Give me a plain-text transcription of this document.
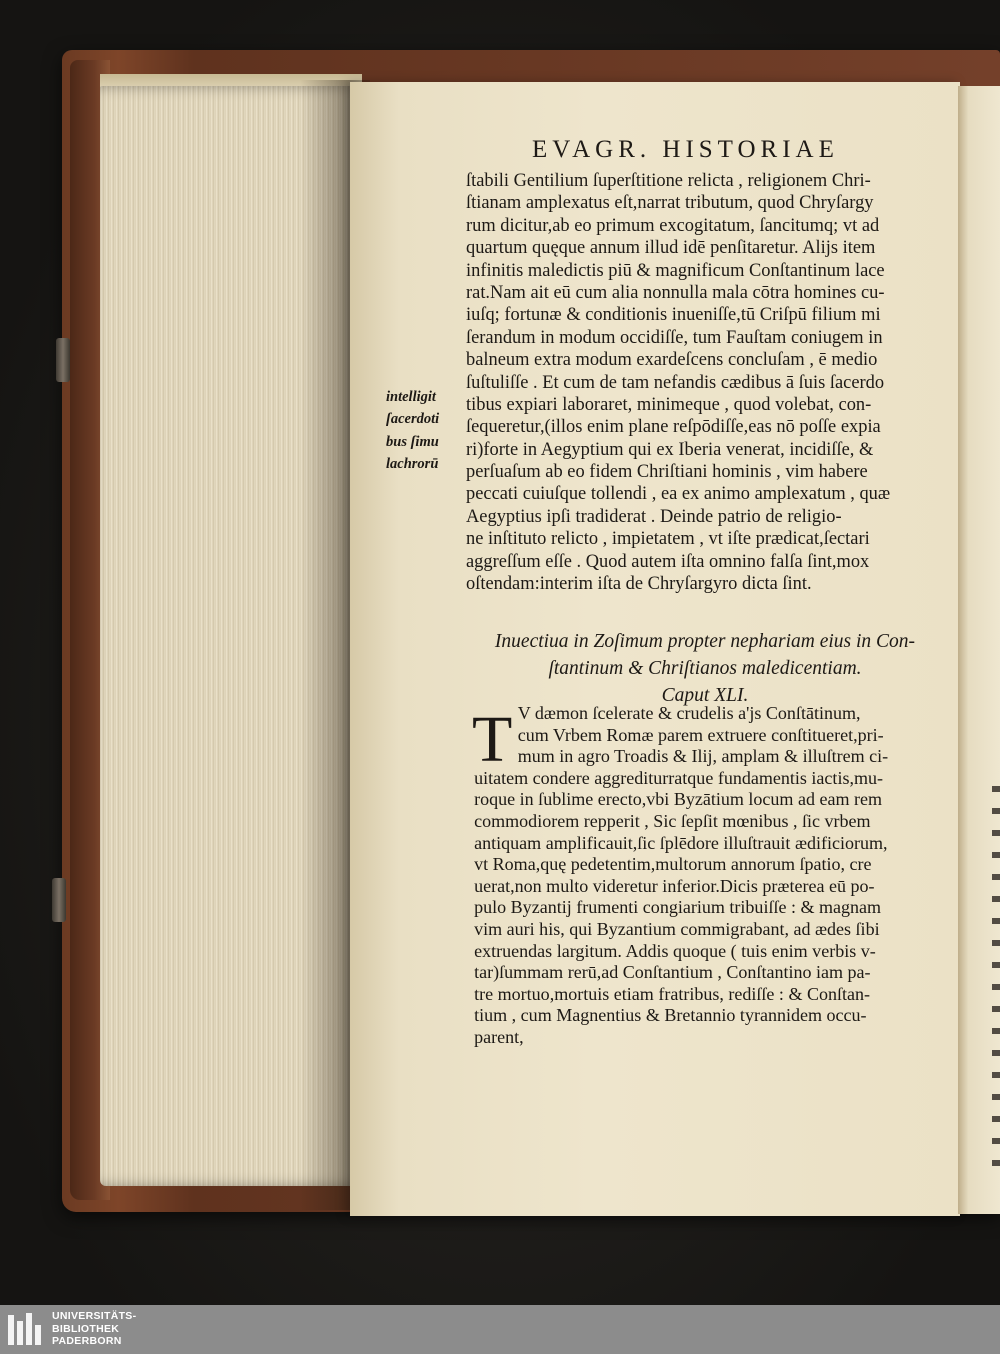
EVAGR. HISTORIAE
intelligit
ſacerdoti
bus ſimu
lachrorū
ſtabili Gentilium ſuperſtitione relicta , religionem Chri-
ſtianam amplexatus eſt,narrat tributum, quod Chryſargy
rum dicitur,ab eo primum excogitatum, ſancitumq; vt ad
quartum quęque annum illud idē penſitaretur. Alijs item
infinitis maledictis piū & magnificum Conſtantinum lace
rat.Nam ait eū cum alia nonnulla mala cōtra homines cu-
iuſq; fortunæ & conditionis inueniſſe,tū Criſpū filium mi
ſerandum in modum occidiſſe, tum Fauſtam coniugem in
balneum extra modum exardeſcens concluſam , ē medio
ſuſtuliſſe . Et cum de tam nefandis cædibus ā ſuis ſacerdo
tibus expiari laboraret, minimeque , quod volebat, con-
ſequeretur,(illos enim plane reſpōdiſſe,eas nō poſſe expia
ri)forte in Aegyptium qui ex Iberia venerat, incidiſſe, &
perſuaſum ab eo fidem Chriſtiani hominis , vim habere
peccati cuiuſque tollendi , ea ex animo amplexatum , quæ
Aegyptius ipſi tradiderat . Deinde patrio de religio-
ne inſtituto relicto , impietatem , vt iſte prædicat,ſectari
aggreſſum eſſe . Quod autem iſta omnino falſa ſint,mox
oſtendam:interim iſta de Chryſargyro dicta ſint.
Inuectiua in Zoſimum propter nephariam eius in Con-
ſtantinum & Chriſtianos maledicentiam.
Caput XLI.
T V dæmon ſcelerate & crudelis a'js Conſtātinum,
cum Vrbem Romæ parem extruere conſtitueret,pri-
mum in agro Troadis & Ilij, amplam & illuſtrem ci-
uitatem condere aggrediturratque fundamentis iactis,mu-
roque in ſublime erecto,vbi Byzātium locum ad eam rem
commodiorem repperit , Sic ſepſit mœnibus , ſic vrbem
antiquam amplificauit,ſic ſplēdore illuſtrauit ædificiorum,
vt Roma,quę pedetentim,multorum annorum ſpatio, cre
uerat,non multo videretur inferior.Dicis præterea eū po-
pulo Byzantij frumenti congiarium tribuiſſe : & magnam
vim auri his, qui Byzantium commigrabant, ad ædes ſibi
extruendas largitum. Addis quoque ( tuis enim verbis v-
tar)ſummam rerū,ad Conſtantium , Conſtantino iam pa-
tre mortuo,mortuis etiam fratribus, rediſſe : & Conſtan-
tium , cum Magnentius & Bretannio tyrannidem occu-
parent,
UNIVERSITÄTS-
BIBLIOTHEK
PADERBORN
